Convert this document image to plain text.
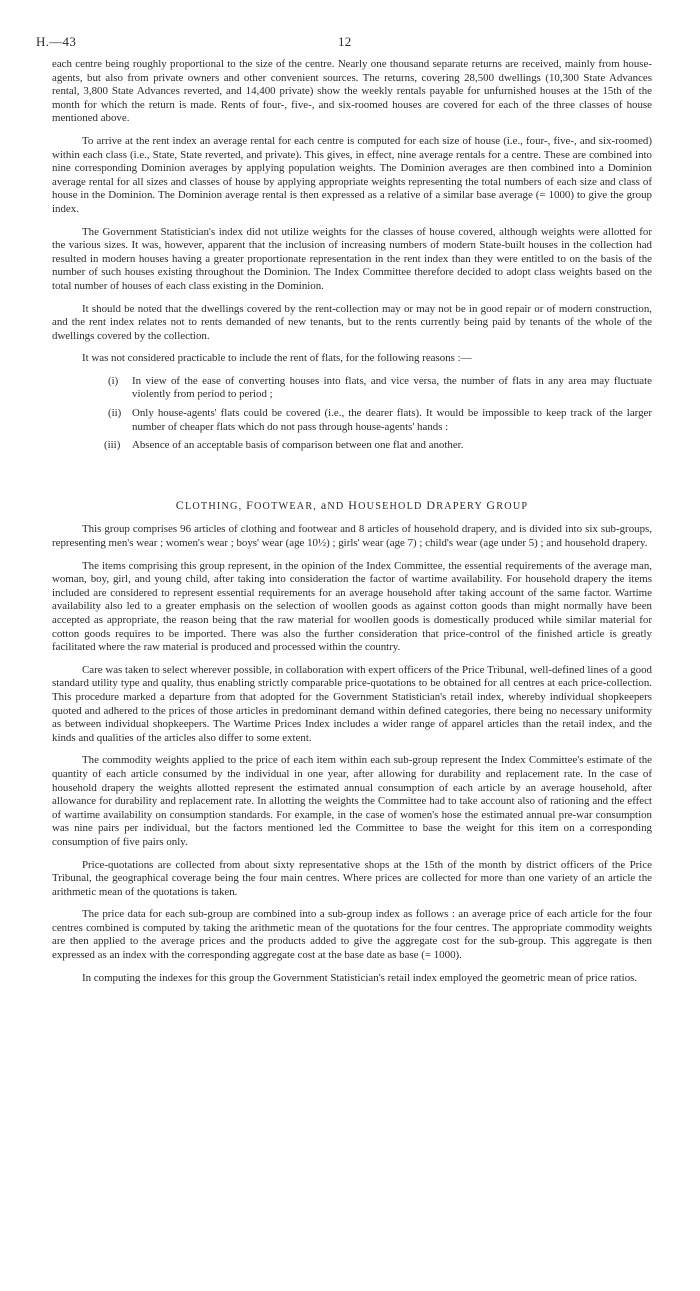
H.—43	12

each centre being roughly proportional to the size of the centre. Nearly one thousand separate returns are received, mainly from house-agents, but also from private owners and other convenient sources. The returns, covering 28,500 dwellings (10,300 State Advances rental, 3,800 State Advances reverted, and 14,400 private) show the weekly rentals payable for unfurnished houses at the 15th of the month for which the return is made. Rents of four-, five-, and six-roomed houses are covered for each of the three classes of house mentioned above.

To arrive at the rent index an average rental for each centre is computed for each size of house (i.e., four-, five-, and six-roomed) within each class (i.e., State, State reverted, and private). This gives, in effect, nine average rentals for a centre. These are combined into nine corresponding Dominion averages by applying population weights. The Dominion averages are then combined into a Dominion average rental for all sizes and classes of house by applying appropriate weights representing the total numbers of each size and class of house in the Dominion. The Dominion average rental is then expressed as a relative of a similar base average (= 1000) to give the group index.

The Government Statistician's index did not utilize weights for the classes of house covered, although weights were allotted for the various sizes. It was, however, apparent that the inclusion of increasing numbers of modern State-built houses in the collection had resulted in modern houses having a greater proportionate representation in the rent index than they were entitled to on the basis of the number of such houses existing throughout the Dominion. The Index Committee therefore decided to adopt class weights based on the total number of houses of each class existing in the Dominion.

It should be noted that the dwellings covered by the rent-collection may or may not be in good repair or of modern construction, and the rent index relates not to rents demanded of new tenants, but to the rents currently being paid by tenants of the whole of the dwellings covered by the collection.

It was not considered practicable to include the rent of flats, for the following reasons :—

(i) In view of the ease of converting houses into flats, and vice versa, the number of flats in any area may fluctuate violently from period to period ;
(ii) Only house-agents' flats could be covered (i.e., the dearer flats). It would be impossible to keep track of the larger number of cheaper flats which do not pass through house-agents' hands :
(iii) Absence of an acceptable basis of comparison between one flat and another.
CLOTHING, FOOTWEAR, aND HOUSEHOLD DRAPERY GROUP

This group comprises 96 articles of clothing and footwear and 8 articles of household drapery, and is divided into six sub-groups, representing men's wear ; women's wear ; boys' wear (age 10½) ; girls' wear (age 7) ; child's wear (age under 5) ; and household drapery.

The items comprising this group represent, in the opinion of the Index Committee, the essential requirements of the average man, woman, boy, girl, and young child, after taking into consideration the factor of wartime availability. For household drapery the items included are considered to represent essential requirements for an average household after taking account of the same factor. Wartime availability also led to a greater emphasis on the selection of woollen goods as against cotton goods than might normally have been accepted as appropriate, the reason being that the raw material for woollen goods is domestically produced while similar material for cotton goods requires to be imported. There was also the further consideration that price-control of the finished article is greatly facilitated where the raw material is produced and processed within the country.

Care was taken to select wherever possible, in collaboration with expert officers of the Price Tribunal, well-defined lines of a good standard utility type and quality, thus enabling strictly comparable price-quotations to be obtained for all centres at each price-collection. This procedure marked a departure from that adopted for the Government Statistician's retail index, whereby individual shopkeepers quoted and adhered to the prices of those articles in predominant demand within defined categories, there being no necessary uniformity as between individual shopkeepers. The Wartime Prices Index includes a wider range of apparel articles than the retail index, and the kinds and qualities of the articles also differ to some extent.

The commodity weights applied to the price of each item within each sub-group represent the Index Committee's estimate of the quantity of each article consumed by the individual in one year, after allowing for durability and replacement rate. In the case of household drapery the weights allotted represent the estimated annual consumption of each article by an average household, after allowance for durability and replacement rate. In allotting the weights the Committee had to take account also of rationing and the effect of wartime availability on consumption standards. For example, in the case of women's hose the estimated annual pre-war consumption was nine pairs per individual, but the factors mentioned led the Committee to base the weight for this item on a corresponding consumption of five pairs only.

Price-quotations are collected from about sixty representative shops at the 15th of the month by district officers of the Price Tribunal, the geographical coverage being the four main centres. Where prices are collected for more than one variety of an article the arithmetic mean of the quotations is taken.

The price data for each sub-group are combined into a sub-group index as follows : an average price of each article for the four centres combined is computed by taking the arithmetic mean of the quotations for the four centres. The appropriate commodity weights are then applied to the average prices and the products added to give the aggregate cost for the sub-group. This aggregate is then expressed as an index with the corresponding aggregate cost at the base date as base (= 1000).

In computing the indexes for this group the Government Statistician's retail index employed the geometric mean of price ratios.
